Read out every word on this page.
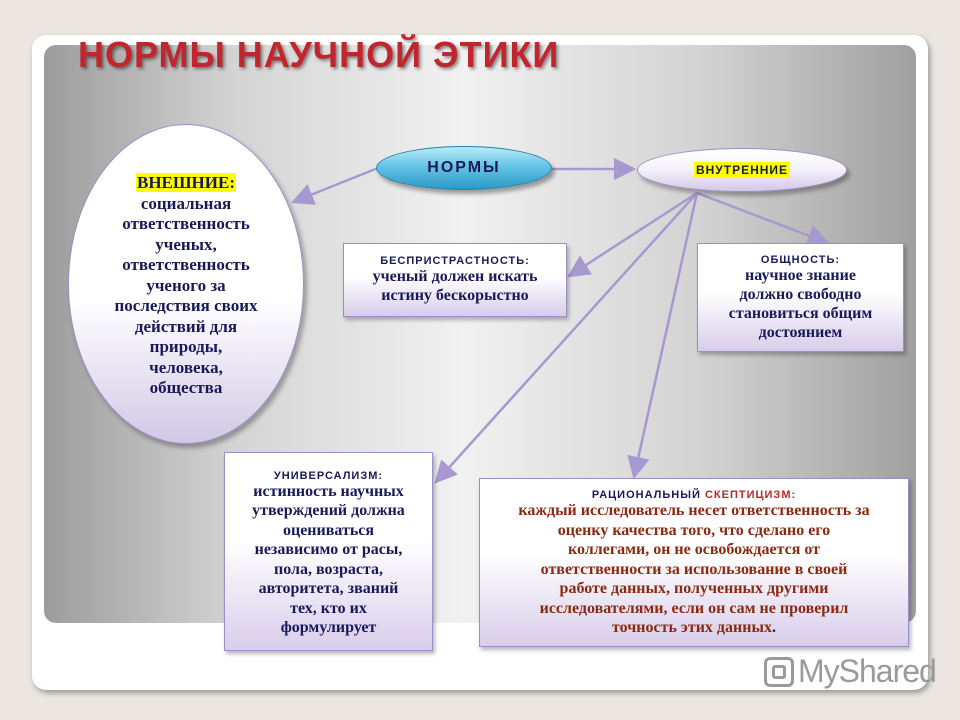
НОРМЫ НАУЧНОЙ ЭТИКИ
ВНЕШНИЕ:
социальная
ответственность
ученых,
ответственность
ученого за
последствия своих
действий для
природы,
человека,
общества
НОРМЫ	ВНУТРЕННИЕ
БЕСПРИСТРАСТНОСТЬ:
ученый должен искать
истину бескорыстно
ОБЩНОСТЬ:
научное знание
должно свободно
становиться общим
достоянием
УНИВЕРСАЛИЗМ:
истинность научных
утверждений должна
оцениваться
независимо от расы,
пола, возраста,
авторитета, званий
тех, кто их
формулирует
РАЦИОНАЛЬНЫЙ СКЕПТИЦИЗМ:
каждый исследователь несет ответственность за
оценку качества того, что сделано его
коллегами, он не освобождается от
ответственности за использование в своей
работе данных, полученных другими
исследователями, если он сам не проверил
точность этих данных.
MyShared
